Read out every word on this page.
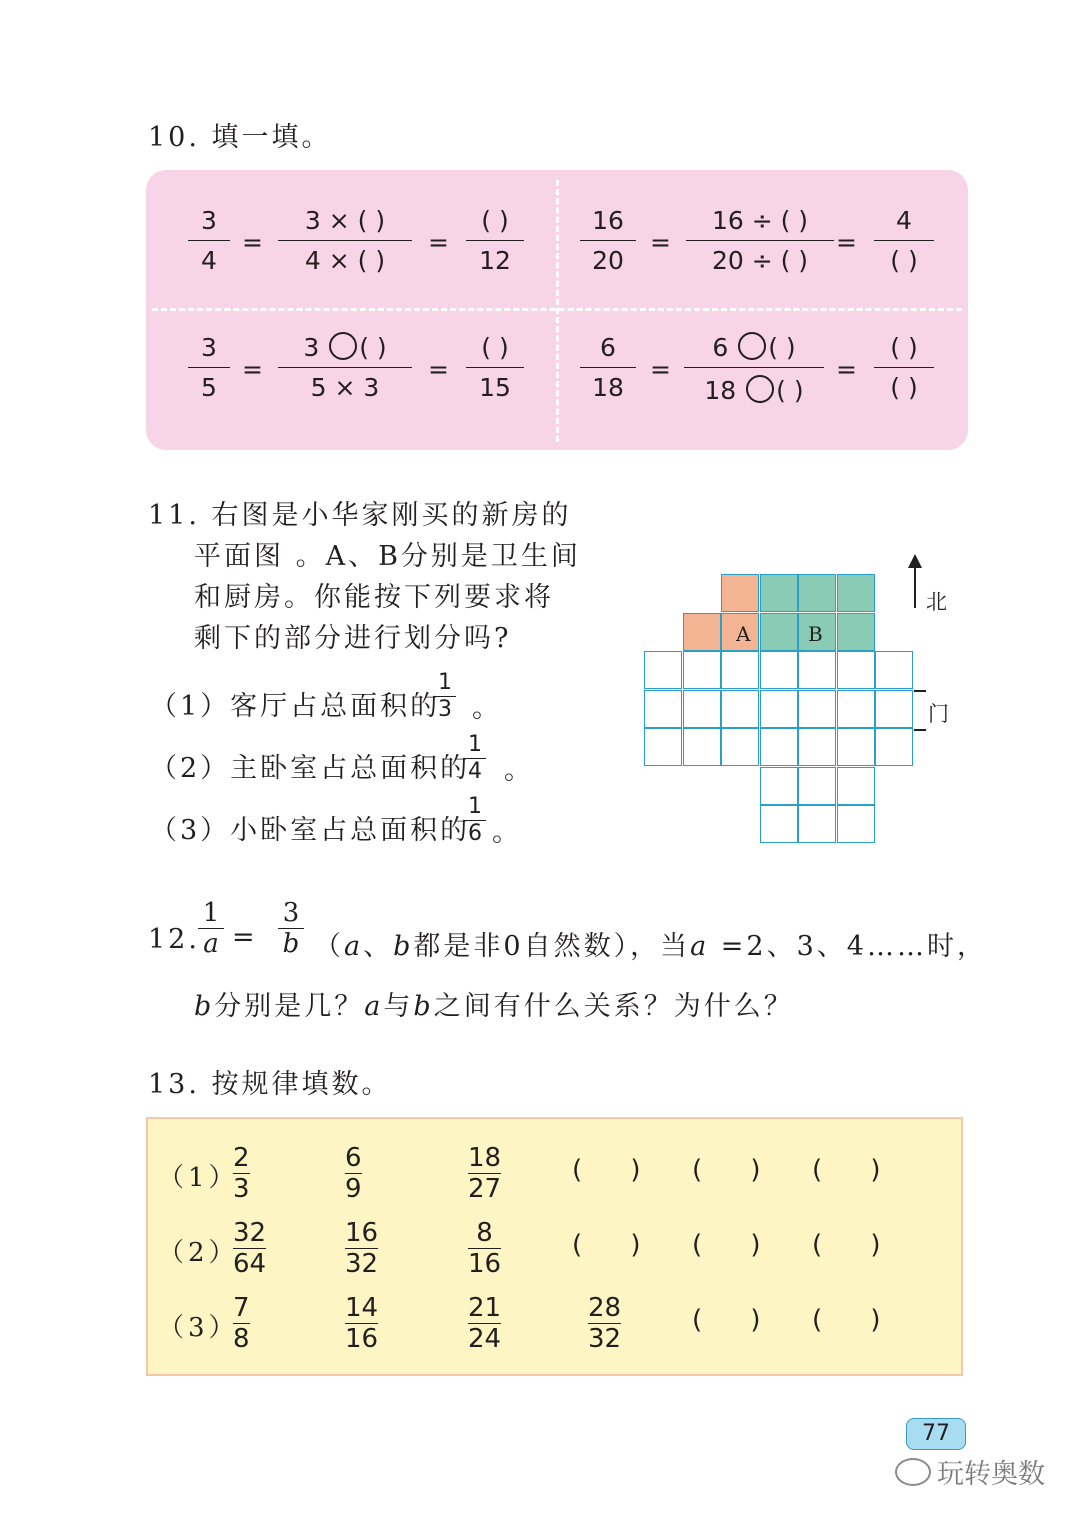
10. 填一填。
3
4
=
3 × ( )
4 × ( )
=
( )
12
16
20
=
16 ÷ ( )
20 ÷ ( )
=
4
( )
3
5
=
3 ( )
5 × 3
=
( )
15
6
18
=
6 ( )
18 ( )
=
( )
( )
11. 右图是小华家刚买的新房的
平面图 。A、B分别是卫生间
和厨房。你能按下列要求将
剩下的部分进行划分吗?
（1）客厅占总面积的
1
3 。
（2）主卧室占总面积的
1
4 。
（3）小卧室占总面积的
1
6 。
A	B
北
门
12.
1
a =
3
b （a、b都是非0自然数），当a =2、3、4……时，
b分别是几？a与b之间有什么关系？为什么？
13. 按规律填数。
77
玩转奥数
（1）
2
3
6
9
18
27
( ) ( ) ( )
（2）
32
64
16
32
8
16
( ) ( ) ( )
（3）
7
8
14
16
21
24
28
32
( ) ( )
